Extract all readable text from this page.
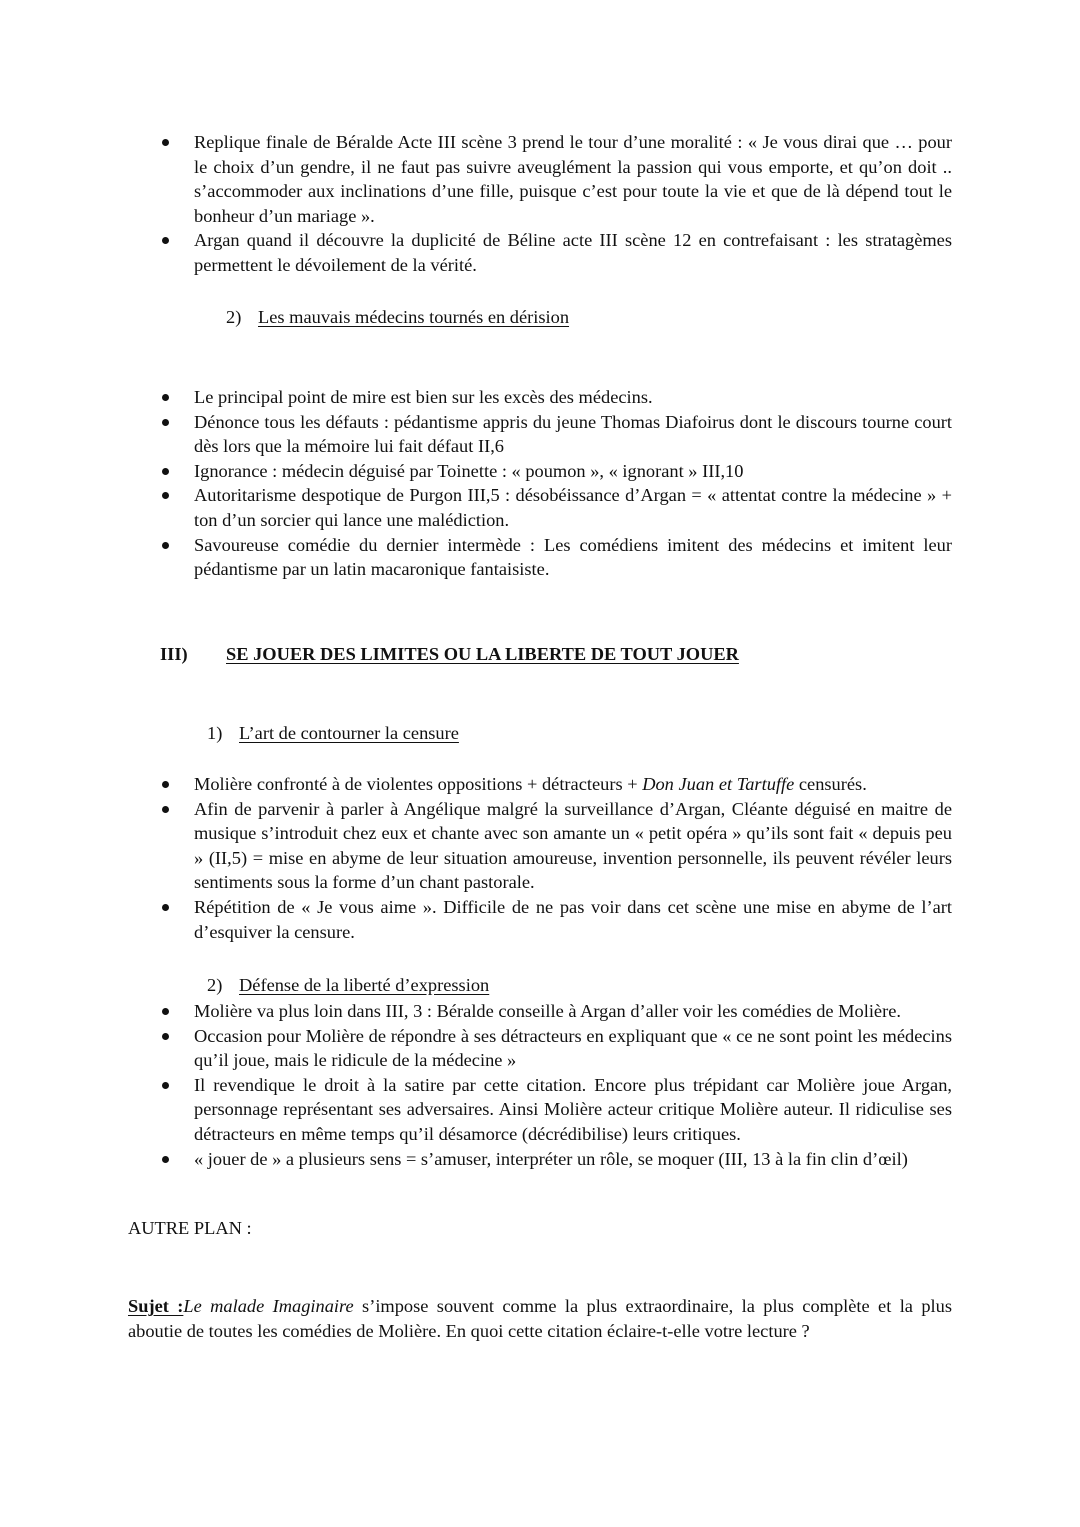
Replique finale de Béralde Acte III scène 3 prend le tour d’une moralité : « Je vous dirai que … pour le choix d’un gendre, il ne faut pas suivre aveuglément la passion qui vous emporte, et qu’on doit .. s’accommoder aux inclinations d’une fille, puisque c’est pour toute la vie et que de là dépend tout le bonheur d’un mariage ».
Argan quand il découvre la duplicité de Béline acte III scène 12 en contrefaisant : les stratagèmes permettent le dévoilement de la vérité.
2) Les mauvais médecins tournés en dérision
Le principal point de mire est bien sur les excès des médecins.
Dénonce tous les défauts : pédantisme appris du jeune Thomas Diafoirus dont le discours tourne court dès lors que la mémoire lui fait défaut II,6
Ignorance : médecin déguisé par Toinette : « poumon », « ignorant » III,10
Autoritarisme despotique de Purgon III,5 : désobéissance d’Argan = « attentat contre la médecine » + ton d’un sorcier qui lance une malédiction.
Savoureuse comédie du dernier intermède : Les comédiens imitent des médecins et imitent leur pédantisme par un latin macaronique fantaisiste.
III) SE JOUER DES LIMITES OU LA LIBERTE DE TOUT JOUER
1) L’art de contourner la censure
Molière confronté à de violentes oppositions + détracteurs + Don Juan et Tartuffe censurés.
Afin de parvenir à parler à Angélique malgré la surveillance d’Argan, Cléante déguisé en maitre de musique s’introduit chez eux et chante avec son amante un « petit opéra » qu’ils sont fait « depuis peu » (II,5) = mise en abyme de leur situation amoureuse, invention personnelle, ils peuvent révéler leurs sentiments sous la forme d’un chant pastorale.
Répétition de « Je vous aime ». Difficile de ne pas voir dans cet scène une mise en abyme de l’art d’esquiver la censure.
2) Défense de la liberté d’expression
Molière va plus loin dans III, 3 : Béralde conseille à Argan d’aller voir les comédies de Molière.
Occasion pour Molière de répondre à ses détracteurs en expliquant que « ce ne sont point les médecins qu’il joue, mais le ridicule de la médecine »
Il revendique le droit à la satire par cette citation. Encore plus trépidant car Molière joue Argan, personnage représentant ses adversaires. Ainsi Molière acteur critique Molière auteur. Il ridiculise ses détracteurs en même temps qu’il désamorce (décrédibilise) leurs critiques.
« jouer de » a plusieurs sens = s’amuser, interpréter un rôle, se moquer (III, 13 à la fin clin d’œil)
AUTRE PLAN :
Sujet :Le malade Imaginaire s’impose souvent comme la plus extraordinaire, la plus complète et la plus aboutie de toutes les comédies de Molière. En quoi cette citation éclaire-t-elle votre lecture ?
